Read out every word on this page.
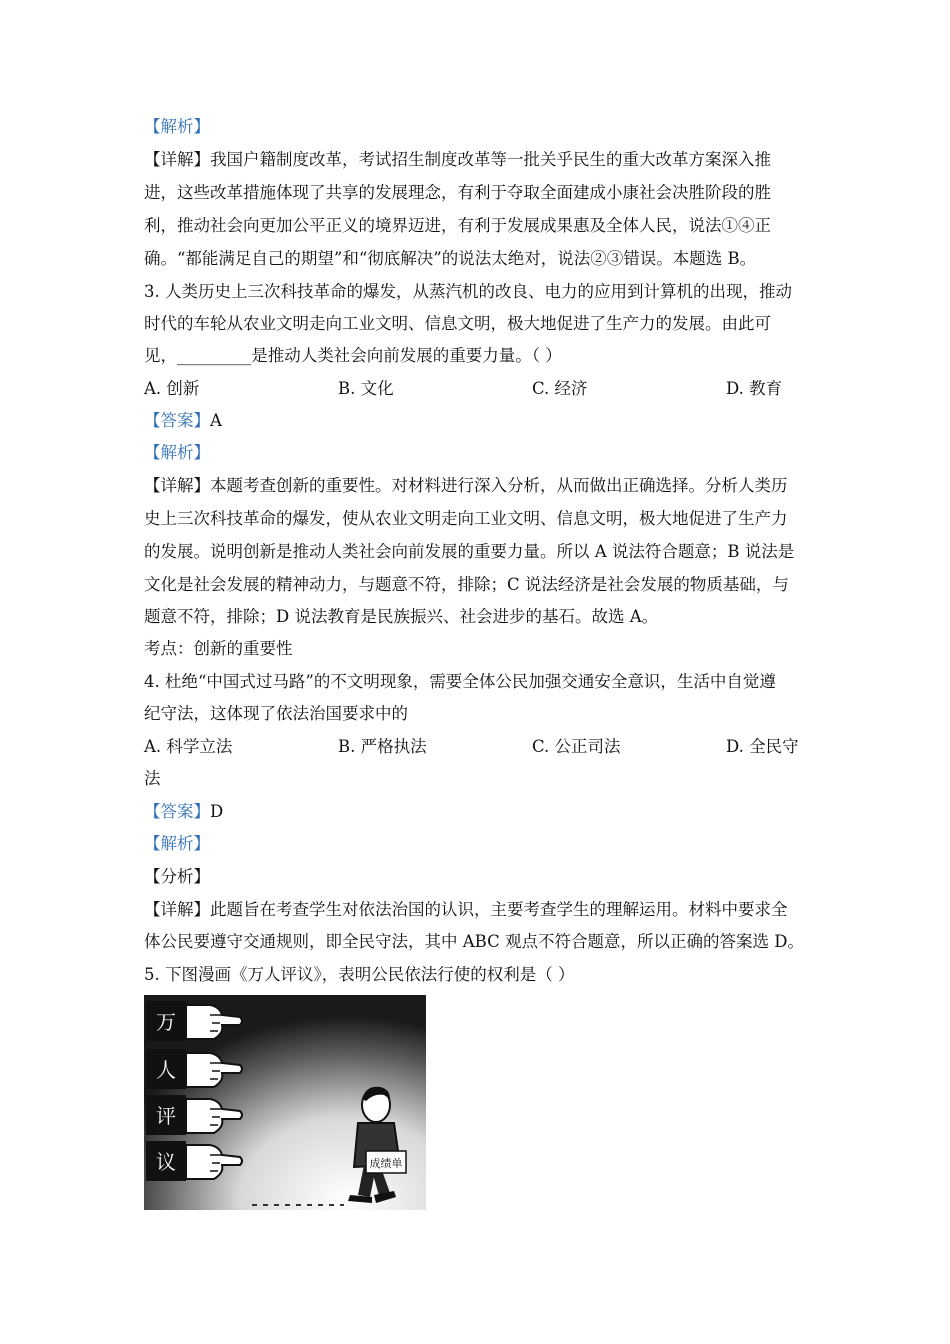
【解析】
【详解】我国户籍制度改革，考试招生制度改革等一批关乎民生的重大改革方案深入推
进，这些改革措施体现了共享的发展理念，有利于夺取全面建成小康社会决胜阶段的胜
利，推动社会向更加公平正义的境界迈进，有利于发展成果惠及全体人民，说法①④正
确。“都能满足自己的期望”和“彻底解决”的说法太绝对，说法②③错误。本题选 B。
3. 人类历史上三次科技革命的爆发，从蒸汽机的改良、电力的应用到计算机的出现，推动
时代的车轮从农业文明走向工业文明、信息文明，极大地促进了生产力的发展。由此可
见，_________是推动人类社会向前发展的重要力量。（ ）
A. 创新	B. 文化	C. 经济	D. 教育
【答案】A
【解析】
【详解】本题考查创新的重要性。对材料进行深入分析，从而做出正确选择。分析人类历
史上三次科技革命的爆发，使从农业文明走向工业文明、信息文明，极大地促进了生产力
的发展。说明创新是推动人类社会向前发展的重要力量。所以 A 说法符合题意；B 说法是
文化是社会发展的精神动力，与题意不符，排除；C 说法经济是社会发展的物质基础，与
题意不符，排除；D 说法教育是民族振兴、社会进步的基石。故选 A。
考点：创新的重要性
4. 杜绝“中国式过马路”的不文明现象，需要全体公民加强交通安全意识，生活中自觉遵
纪守法，这体现了依法治国要求中的
A. 科学立法	B. 严格执法	C. 公正司法	D. 全民守
法
【答案】D
【解析】
【分析】
【详解】此题旨在考查学生对依法治国的认识，主要考查学生的理解运用。材料中要求全
体公民要遵守交通规则，即全民守法，其中 ABC 观点不符合题意，所以正确的答案选 D。
5. 下图漫画《万人评议》，表明公民依法行使的权利是（ ）
万
人
评
议	成绩单
